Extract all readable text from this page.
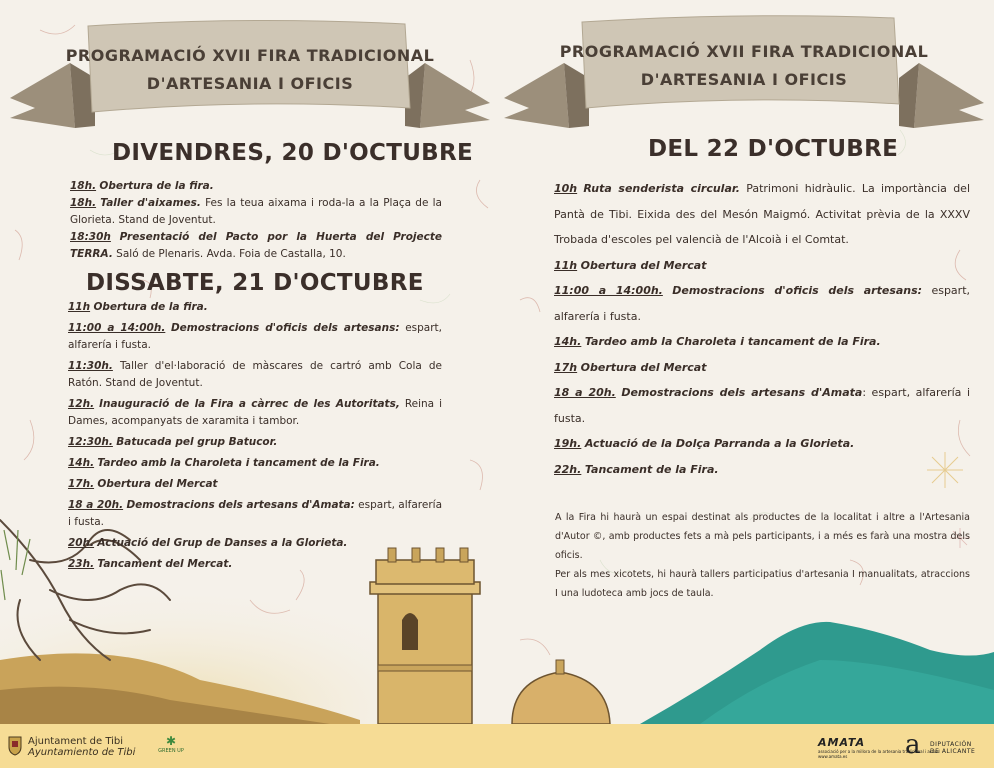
PROGRAMACIÓ XVII FIRA TRADICIONAL
D'ARTESANIA I OFICIS
PROGRAMACIÓ XVII FIRA TRADICIONAL
D'ARTESANIA I OFICIS
DIVENDRES, 20 D'OCTUBRE
18h. Obertura de la fira.
18h. Taller d'aixames. Fes la teua aixama i roda-la a la Plaça de la Glorieta. Stand de Joventut.
18:30h Presentació del Pacto por la Huerta del Projecte TERRA. Saló de Plenaris. Avda. Foia de Castalla, 10.
DISSABTE, 21 D'OCTUBRE
11h Obertura de la fira.
11:00 a 14:00h. Demostracions d'oficis dels artesans: espart, alfarería i fusta.
11:30h. Taller d'el·laboració de màscares de cartró amb Cola de Ratón. Stand de Joventut.
12h. Inauguració de la Fira a càrrec de les Autoritats, Reina i Dames, acompanyats de xaramita i tambor.
12:30h. Batucada pel grup Batucor.
14h. Tardeo amb la Charoleta i tancament de la Fira.
17h. Obertura del Mercat
18 a 20h. Demostracions dels artesans d'Amata: espart, alfarería i fusta.
20h. Actuació del Grup de Danses a la Glorieta.
23h. Tancament del Mercat.
DEL 22 D'OCTUBRE
10h Ruta senderista circular. Patrimoni hidràulic. La importància del Pantà de Tibi. Eixida des del Mesón Maigmó. Activitat prèvia de la XXXV Trobada d'escoles pel valencià de l'Alcoià i el Comtat.
11h Obertura del Mercat
11:00 a 14:00h. Demostracions d'oficis dels artesans: espart, alfarería i fusta.
14h. Tardeo amb la Charoleta i tancament de la Fira.
17h Obertura del Mercat
18 a 20h. Demostracions dels artesans d'Amata: espart, alfarería i fusta.
19h. Actuació de la Dolça Parranda a la Glorieta.
22h. Tancament de la Fira.

A la Fira hi haurà un espai destinat als productes de la localitat i altre a l'Artesania d'Autor ©, amb productes fets a mà pels participants, i a més es farà una mostra dels oficis.

Per als mes xicotets, hi haurà tallers participatius d'artesania I manualitats, atraccions I una ludoteca amb jocs de taula.

Ajuntament de Tibi
Ayuntamiento de Tibi
✱
GREEN UP
AMATA
associació per a la millora de la artesania tradicional i actual
www.amata.es	a DIPUTACIÓN
DE ALICANTE
